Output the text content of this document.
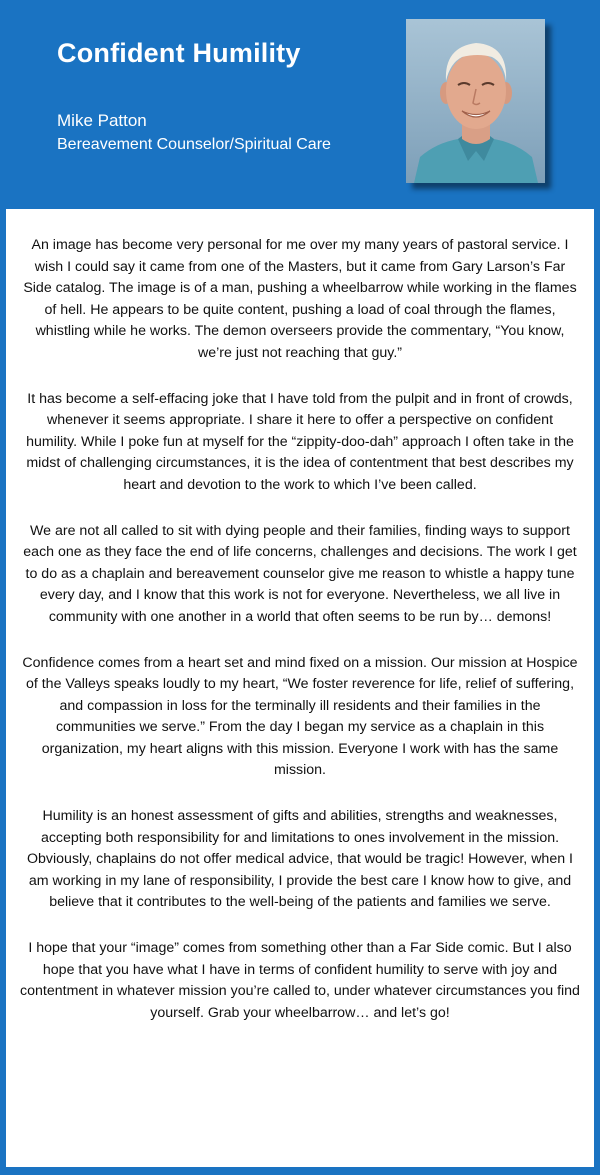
Confident Humility
Mike Patton
Bereavement Counselor/Spiritual Care

An image has become very personal for me over my many years of pastoral service. I wish I could say it came from one of the Masters, but it came from Gary Larson’s Far Side catalog. The image is of a man, pushing a wheelbarrow while working in the flames of hell. He appears to be quite content, pushing a load of coal through the flames, whistling while he works. The demon overseers provide the commentary, “You know, we’re just not reaching that guy.”

It has become a self-effacing joke that I have told from the pulpit and in front of crowds, whenever it seems appropriate. I share it here to offer a perspective on confident humility. While I poke fun at myself for the “zippity-doo-dah” approach I often take in the midst of challenging circumstances, it is the idea of contentment that best describes my heart and devotion to the work to which I’ve been called.

We are not all called to sit with dying people and their families, finding ways to support each one as they face the end of life concerns, challenges and decisions. The work I get to do as a chaplain and bereavement counselor give me reason to whistle a happy tune every day, and I know that this work is not for everyone. Nevertheless, we all live in community with one another in a world that often seems to be run by… demons!

Confidence comes from a heart set and mind fixed on a mission. Our mission at Hospice of the Valleys speaks loudly to my heart, “We foster reverence for life, relief of suffering, and compassion in loss for the terminally ill residents and their families in the communities we serve.” From the day I began my service as a chaplain in this organization, my heart aligns with this mission. Everyone I work with has the same mission.

Humility is an honest assessment of gifts and abilities, strengths and weaknesses, accepting both responsibility for and limitations to ones involvement in the mission. Obviously, chaplains do not offer medical advice, that would be tragic! However, when I am working in my lane of responsibility, I provide the best care I know how to give, and believe that it contributes to the well-being of the patients and families we serve.

I hope that your “image” comes from something other than a Far Side comic. But I also hope that you have what I have in terms of confident humility to serve with joy and contentment in whatever mission you’re called to, under whatever circumstances you find yourself. Grab your wheelbarrow… and let’s go!
